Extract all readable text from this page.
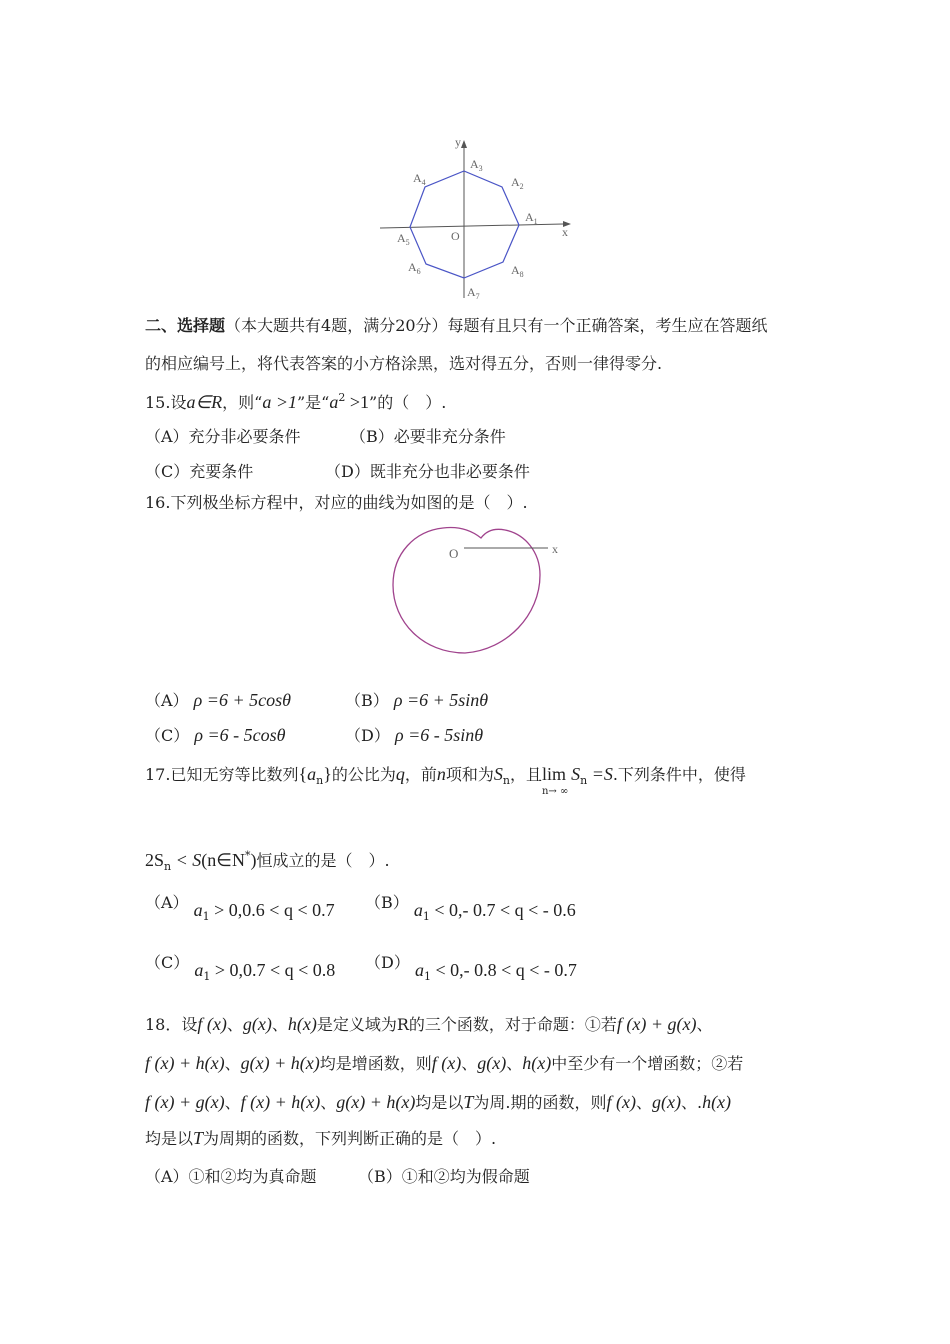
y
x
O
$A_3$
$A_2$
$A_4$
$A_1$
$A_5$
$A_6$	$A_8$
$A_7$
二、选择题（本大题共有4题，满分20分）每题有且只有一个正确答案，考生应在答题纸
的相应编号上，将代表答案的小方格涂黑，选对得五分，否则一律得零分.
15.设a∈R，则“a >1”是“$a^2 >1$”的（　）.
（A）充分非必要条件	（B）必要非充分条件
（C）充要条件	（D）既非充分也非必要条件
16.下列极坐标方程中，对应的曲线为如图的是（　）.
O	x
（A） ρ =6 + 5cosθ	（B） ρ =6 + 5sinθ
（C） ρ =6 - 5cosθ	（D） ρ =6 - 5sinθ
17.已知无穷等比数列$\{a_n\}$的公比为q，前n项和为$S_n$，且lim
n→ ∞
$S_n =S$.下列条件中，使得
$2S_n$ < S(n∈N*)恒成立的是（　）.
（A） $a_1 > 0,0.6 < q < 0.7$ （B） $a_1 < 0,-$ 0.7 < q < - 0.6
（C） $a_1 > 0,0.7 < q < 0.8$ （D） $a_1 < 0,-$ 0.8 < q < - 0.7
18．设f (x)、g(x)、h(x)是定义域为R的三个函数，对于命题：①若f (x) + g(x)、
f (x) + h(x)、g(x) + h(x)均是增函数，则f (x)、g(x)、h(x)中至少有一个增函数；②若
f (x) + g(x)、f (x) + h(x)、g(x) + h(x)均是以T为周.期的函数，则f (x)、g(x)、.h(x)
均是以T为周期的函数，下列判断正确的是（　）.
（A）①和②均为真命题	（B）①和②均为假命题
